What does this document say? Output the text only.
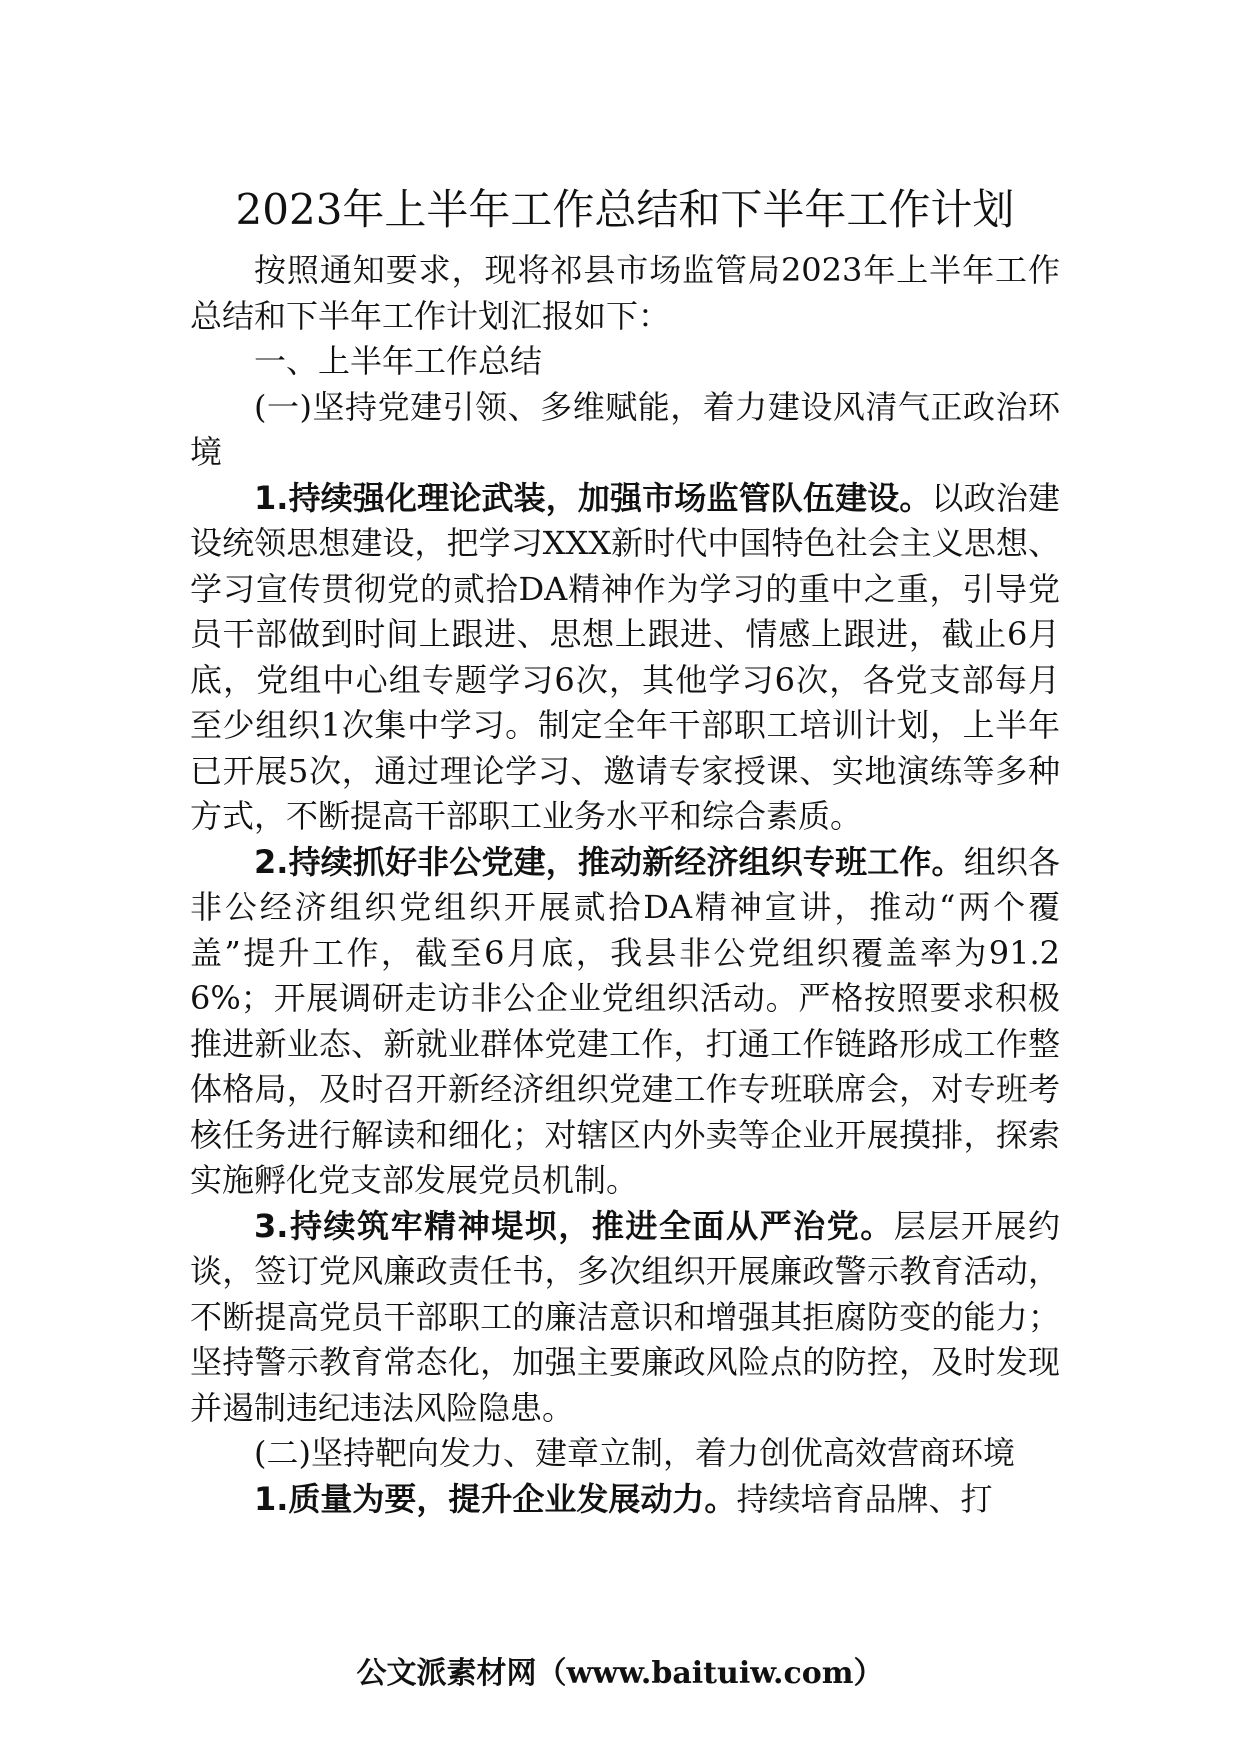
2023年上半年工作总结和下半年工作计划

按照通知要求，现将祁县市场监管局2023年上半年工作总结和下半年工作计划汇报如下：

一、上半年工作总结

(一)坚持党建引领、多维赋能，着力建设风清气正政治环境

1.持续强化理论武装，加强市场监管队伍建设。以政治建设统领思想建设，把学习XXX新时代中国特色社会主义思想、学习宣传贯彻党的贰拾DA精神作为学习的重中之重，引导党员干部做到时间上跟进、思想上跟进、情感上跟进，截止6月底，党组中心组专题学习6次，其他学习6次，各党支部每月至少组织1次集中学习。制定全年干部职工培训计划，上半年已开展5次，通过理论学习、邀请专家授课、实地演练等多种方式，不断提高干部职工业务水平和综合素质。

2.持续抓好非公党建，推动新经济组织专班工作。组织各非公经济组织党组织开展贰拾DA精神宣讲，推动“两个覆盖”提升工作，截至6月底，我县非公党组织覆盖率为91.26%；开展调研走访非公企业党组织活动。严格按照要求积极推进新业态、新就业群体党建工作，打通工作链路形成工作整体格局，及时召开新经济组织党建工作专班联席会，对专班考核任务进行解读和细化；对辖区内外卖等企业开展摸排，探索实施孵化党支部发展党员机制。

3.持续筑牢精神堤坝，推进全面从严治党。层层开展约谈，签订党风廉政责任书，多次组织开展廉政警示教育活动，不断提高党员干部职工的廉洁意识和增强其拒腐防变的能力；坚持警示教育常态化，加强主要廉政风险点的防控，及时发现并遏制违纪违法风险隐患。

(二)坚持靶向发力、建章立制，着力创优高效营商环境

1.质量为要，提升企业发展动力。持续培育品牌、打

公文派素材网（www.baituiw.com）
